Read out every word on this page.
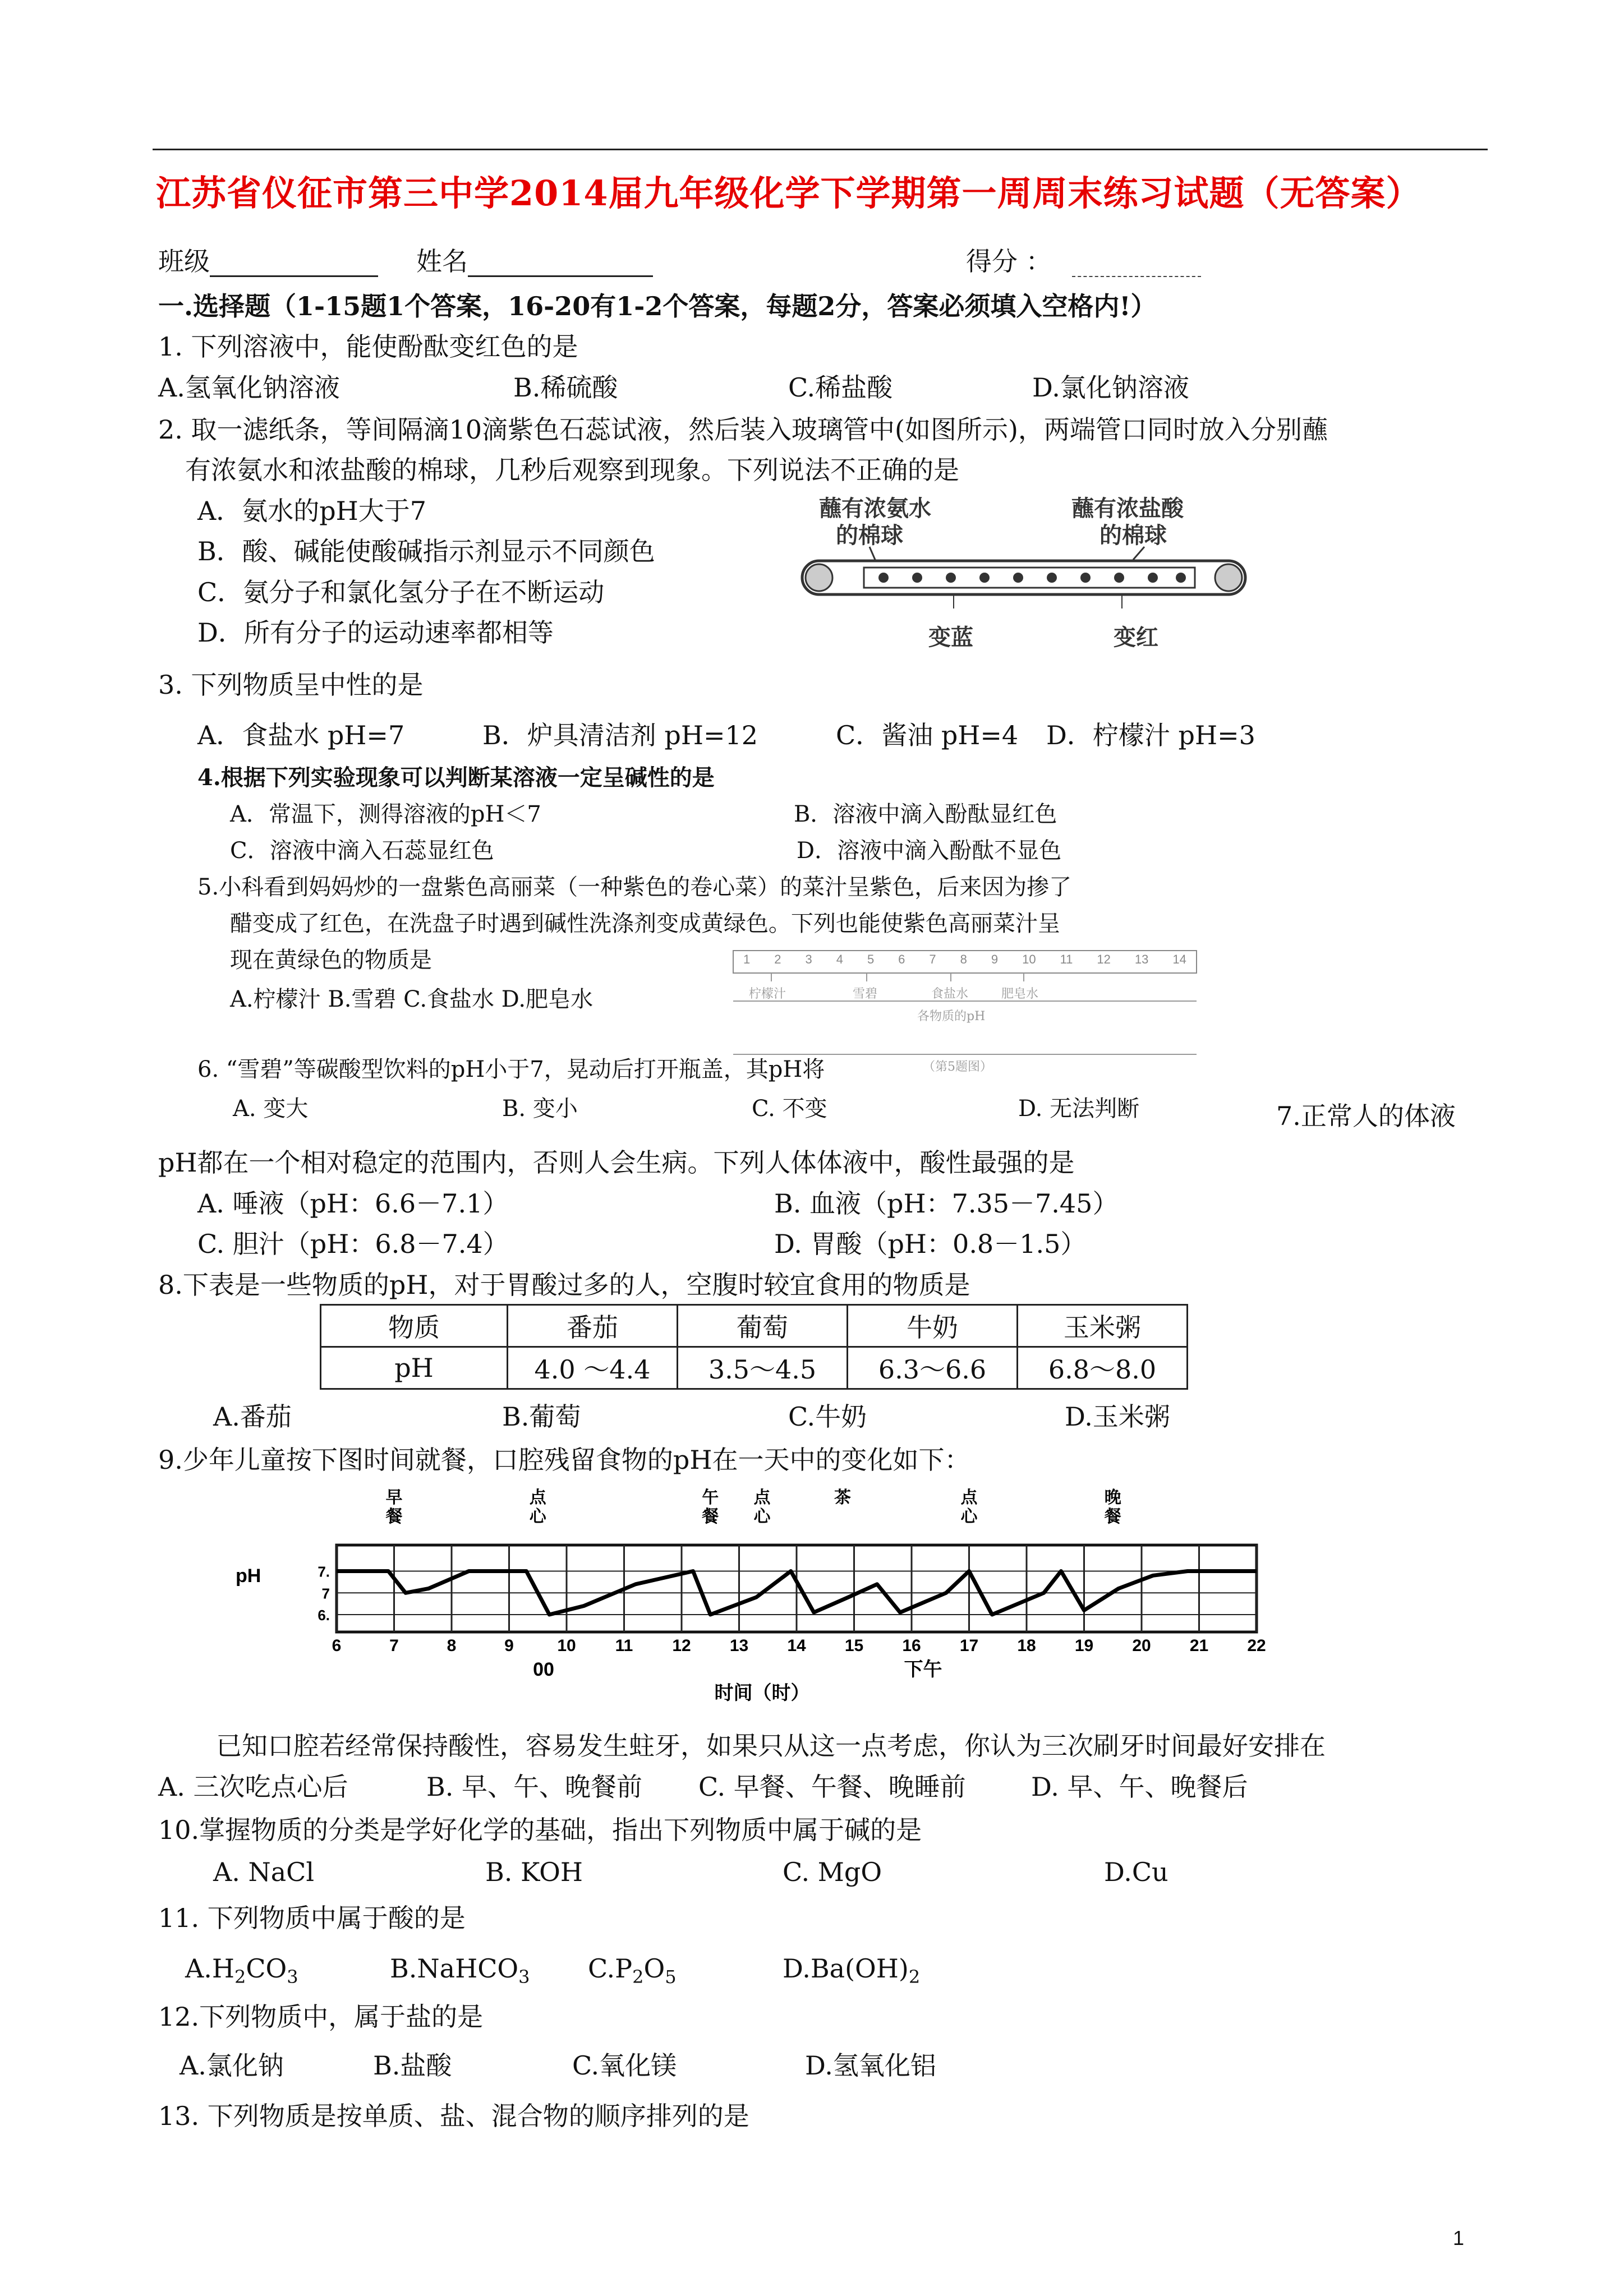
江苏省仪征市第三中学2014届九年级化学下学期第一周周末练习试题（无答案）
班级	姓名	得分 ：
一.选择题（1-15题1个答案，16-20有1-2个答案，每题2分，答案必须填入空格内!）
1. 下列溶液中，能使酚酞变红色的是
A.氢氧化钠溶液	B.稀硫酸	C.稀盐酸	D.氯化钠溶液
2. 取一滤纸条，等间隔滴10滴紫色石蕊试液，然后装入玻璃管中(如图所示)，两端管口同时放入分别蘸
有浓氨水和浓盐酸的棉球，几秒后观察到现象。下列说法不正确的是
A．氨水的pH大于7
B．酸、碱能使酸碱指示剂显示不同颜色
C．氨分子和氯化氢分子在不断运动
D．所有分子的运动速率都相等
蘸有浓氨水
的棉球
蘸有浓盐酸
的棉球
变蓝	变红
3. 下列物质呈中性的是
A．食盐水 pH=7	B．炉具清洁剂 pH=12	C．酱油 pH=4 D．柠檬汁 pH=3
4.根据下列实验现象可以判断某溶液一定呈碱性的是
A．常温下，测得溶液的pH＜7	B．溶液中滴入酚酞显红色
C．溶液中滴入石蕊显红色	D．溶液中滴入酚酞不显色
5.小科看到妈妈炒的一盘紫色高丽菜（一种紫色的卷心菜）的菜汁呈紫色，后来因为掺了
醋变成了红色，在洗盘子时遇到碱性洗涤剂变成黄绿色。下列也能使紫色高丽菜汁呈
现在黄绿色的物质是
A.柠檬汁 B.雪碧 C.食盐水 D.肥皂水
1 2 3 4 5 6 7 8 9 10 11 12 13 14
柠檬汁	雪碧	食盐水	肥皂水
各物质的pH
（第5题图）
6. “雪碧”等碳酸型饮料的pH小于7，晃动后打开瓶盖，其pH将
A. 变大	B. 变小	C. 不变	D. 无法判断	7.正常人的体液
pH都在一个相对稳定的范围内，否则人会生病。下列人体体液中，酸性最强的是
A. 唾液（pH：6.6－7.1）	B. 血液（pH：7.35－7.45）
C. 胆汁（pH：6.8－7.4）	D. 胃酸（pH：0.8－1.5）
8.下表是一些物质的pH，对于胃酸过多的人，空腹时较宜食用的物质是
物质	番茄	葡萄	牛奶	玉米粥
pH	4.0 ～4.4	3.5～4.5	6.3～6.6	6.8～8.0
A.番茄	B.葡萄	C.牛奶	D.玉米粥
9.少年儿童按下图时间就餐，口腔残留食物的pH在一天中的变化如下：
6	7	8	9	10 11 12 13 14 15 16 17 18 19 20 21 22
7.
7
6.
pH
早
餐
点
心
午
餐
点
心
茶	点
心
晚
餐
00	下午
时间（时）
已知口腔若经常保持酸性，容易发生蛀牙，如果只从这一点考虑，你认为三次刷牙时间最好安排在
A. 三次吃点心后	B. 早、午、晚餐前 C. 早餐、午餐、晚睡前	D. 早、午、晚餐后
10.掌握物质的分类是学好化学的基础，指出下列物质中属于碱的是
A. NaCl	B. KOH	C. MgO	D.Cu
11. 下列物质中属于酸的是
$A.H_2CO_3$	B.NaHCO$_3$ $C.P_2O_5$	$D.Ba(OH)_2$
12.下列物质中，属于盐的是
A.氯化钠	B.盐酸	C.氧化镁	D.氢氧化铝
13. 下列物质是按单质、盐、混合物的顺序排列的是
1
